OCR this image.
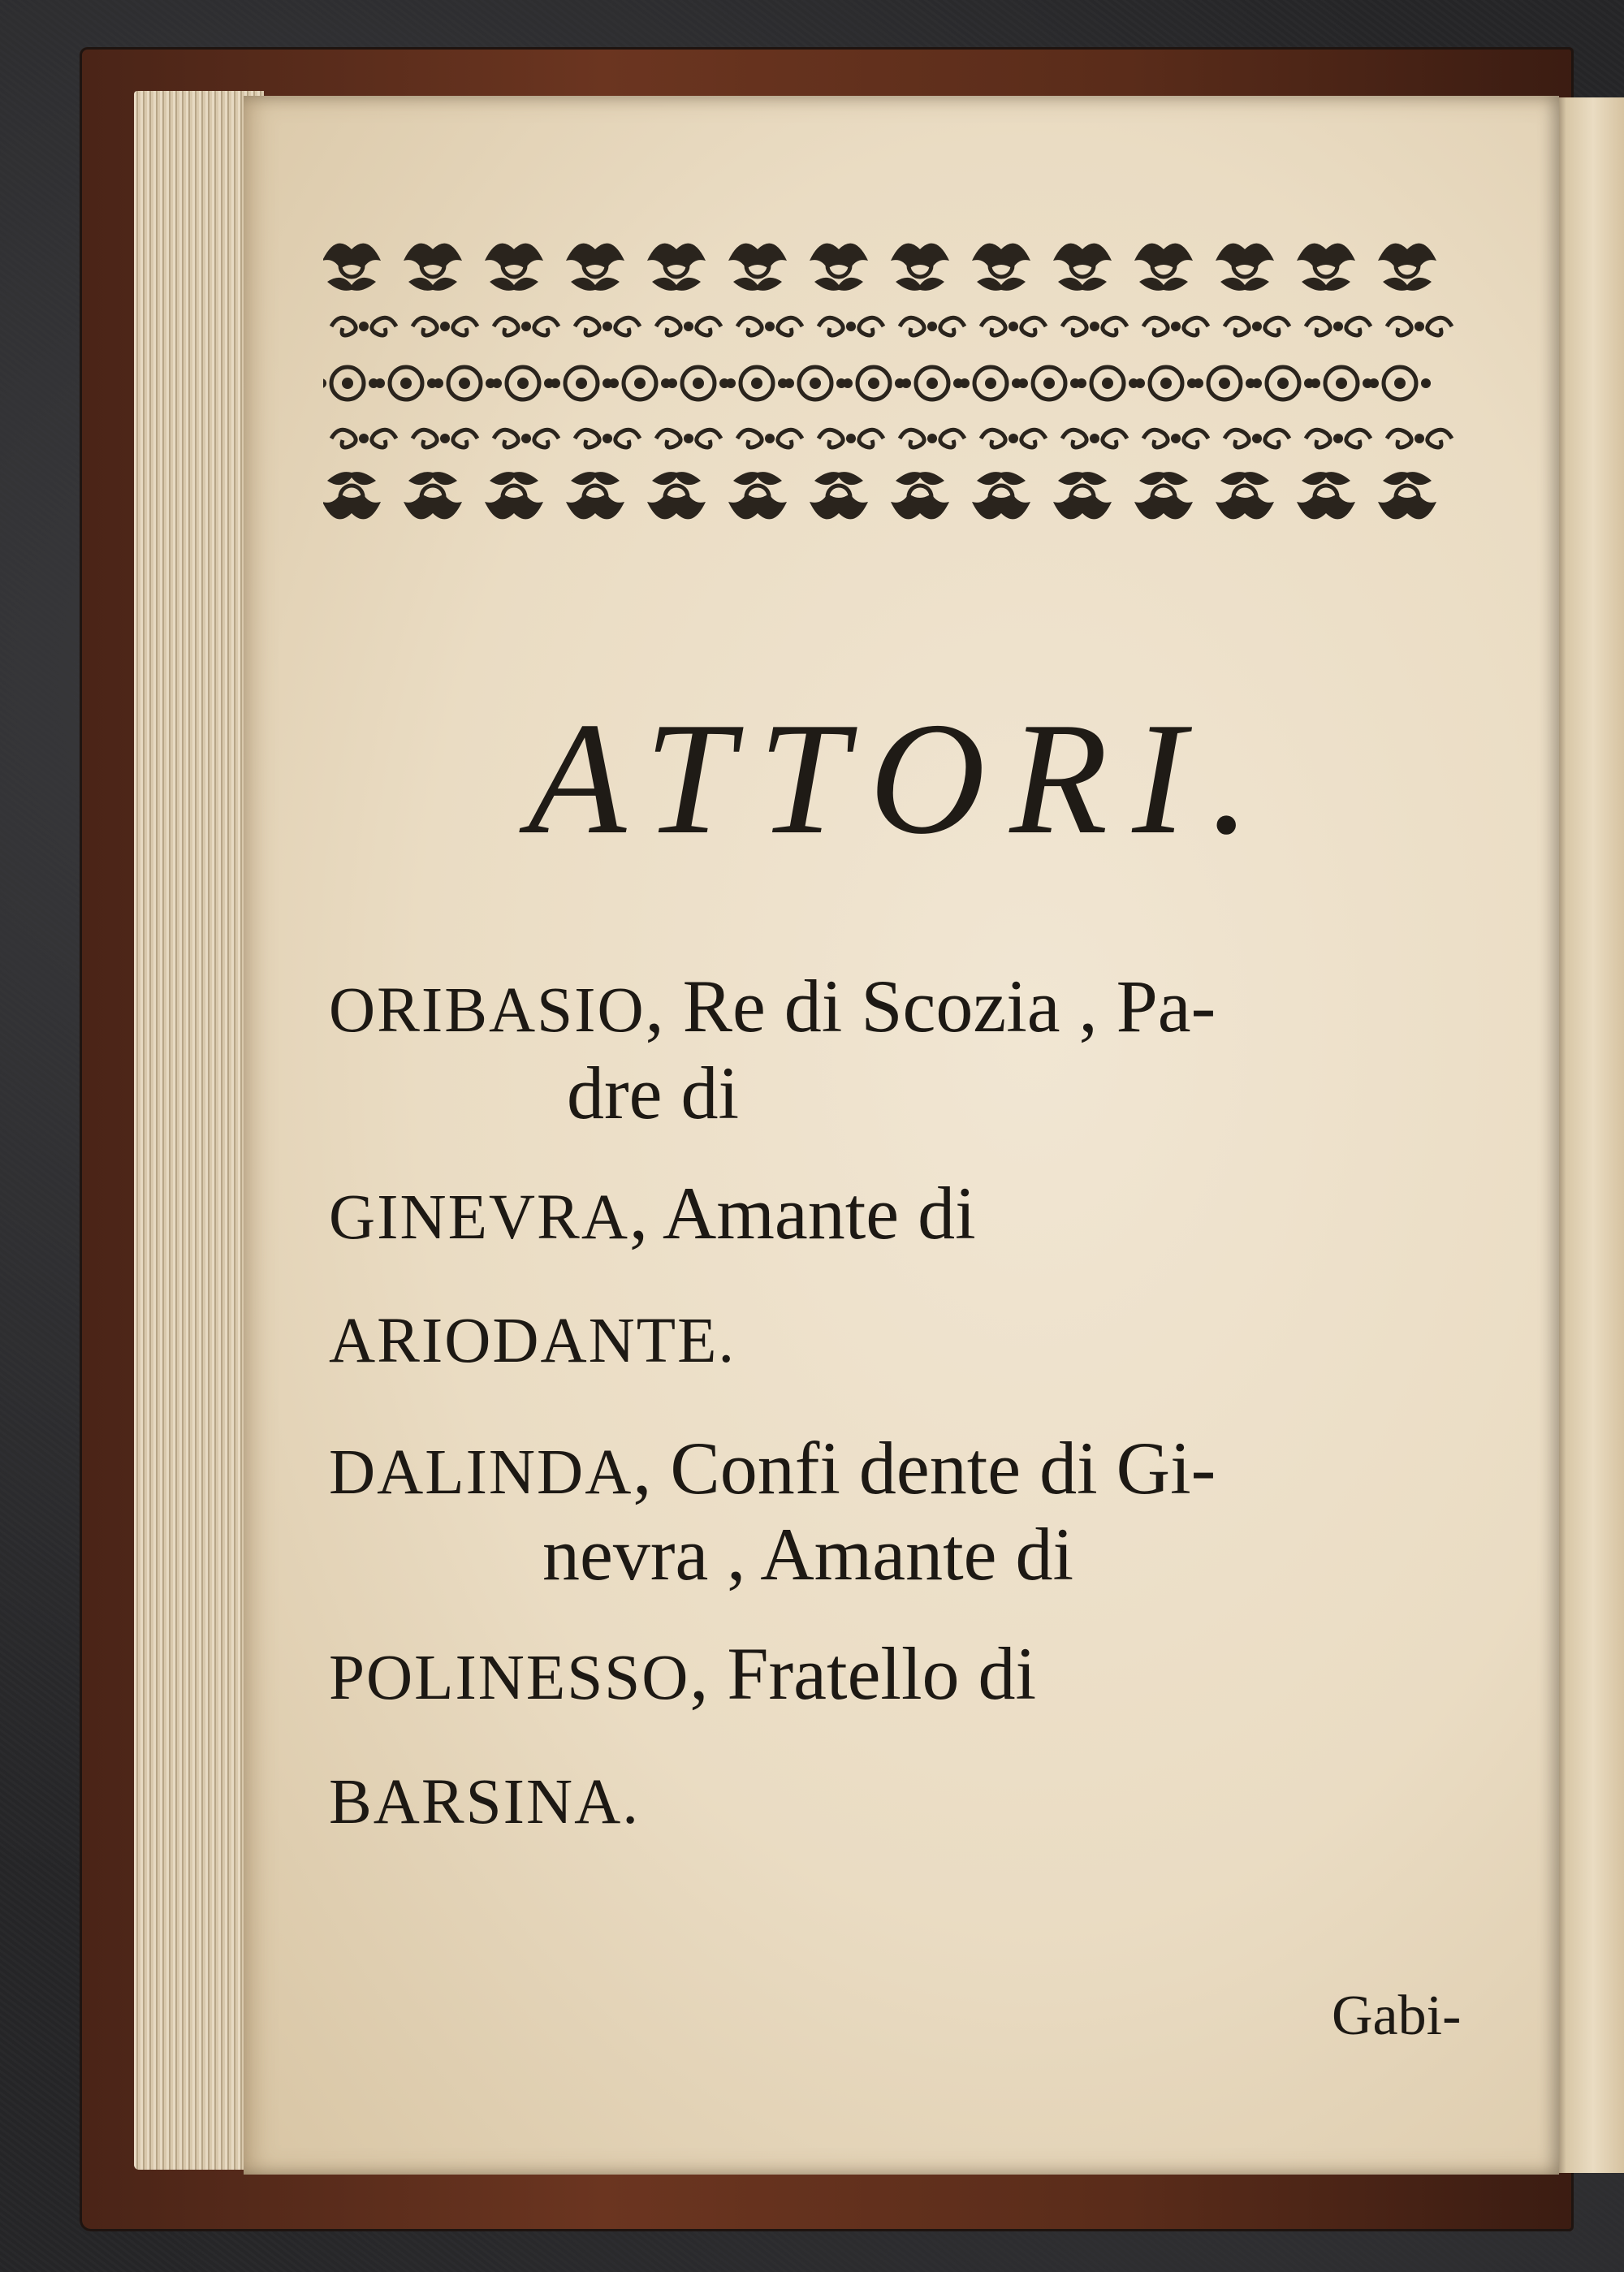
ATTORI.

ORIBASIO, Re di Scozia , Pa-

dre di

GINEVRA, Amante di

ARIODANTE.

DALINDA, Confi dente di Gi-

nevra , Amante di

POLINESSO, Fratello di

BARSINA.

Gabi-
